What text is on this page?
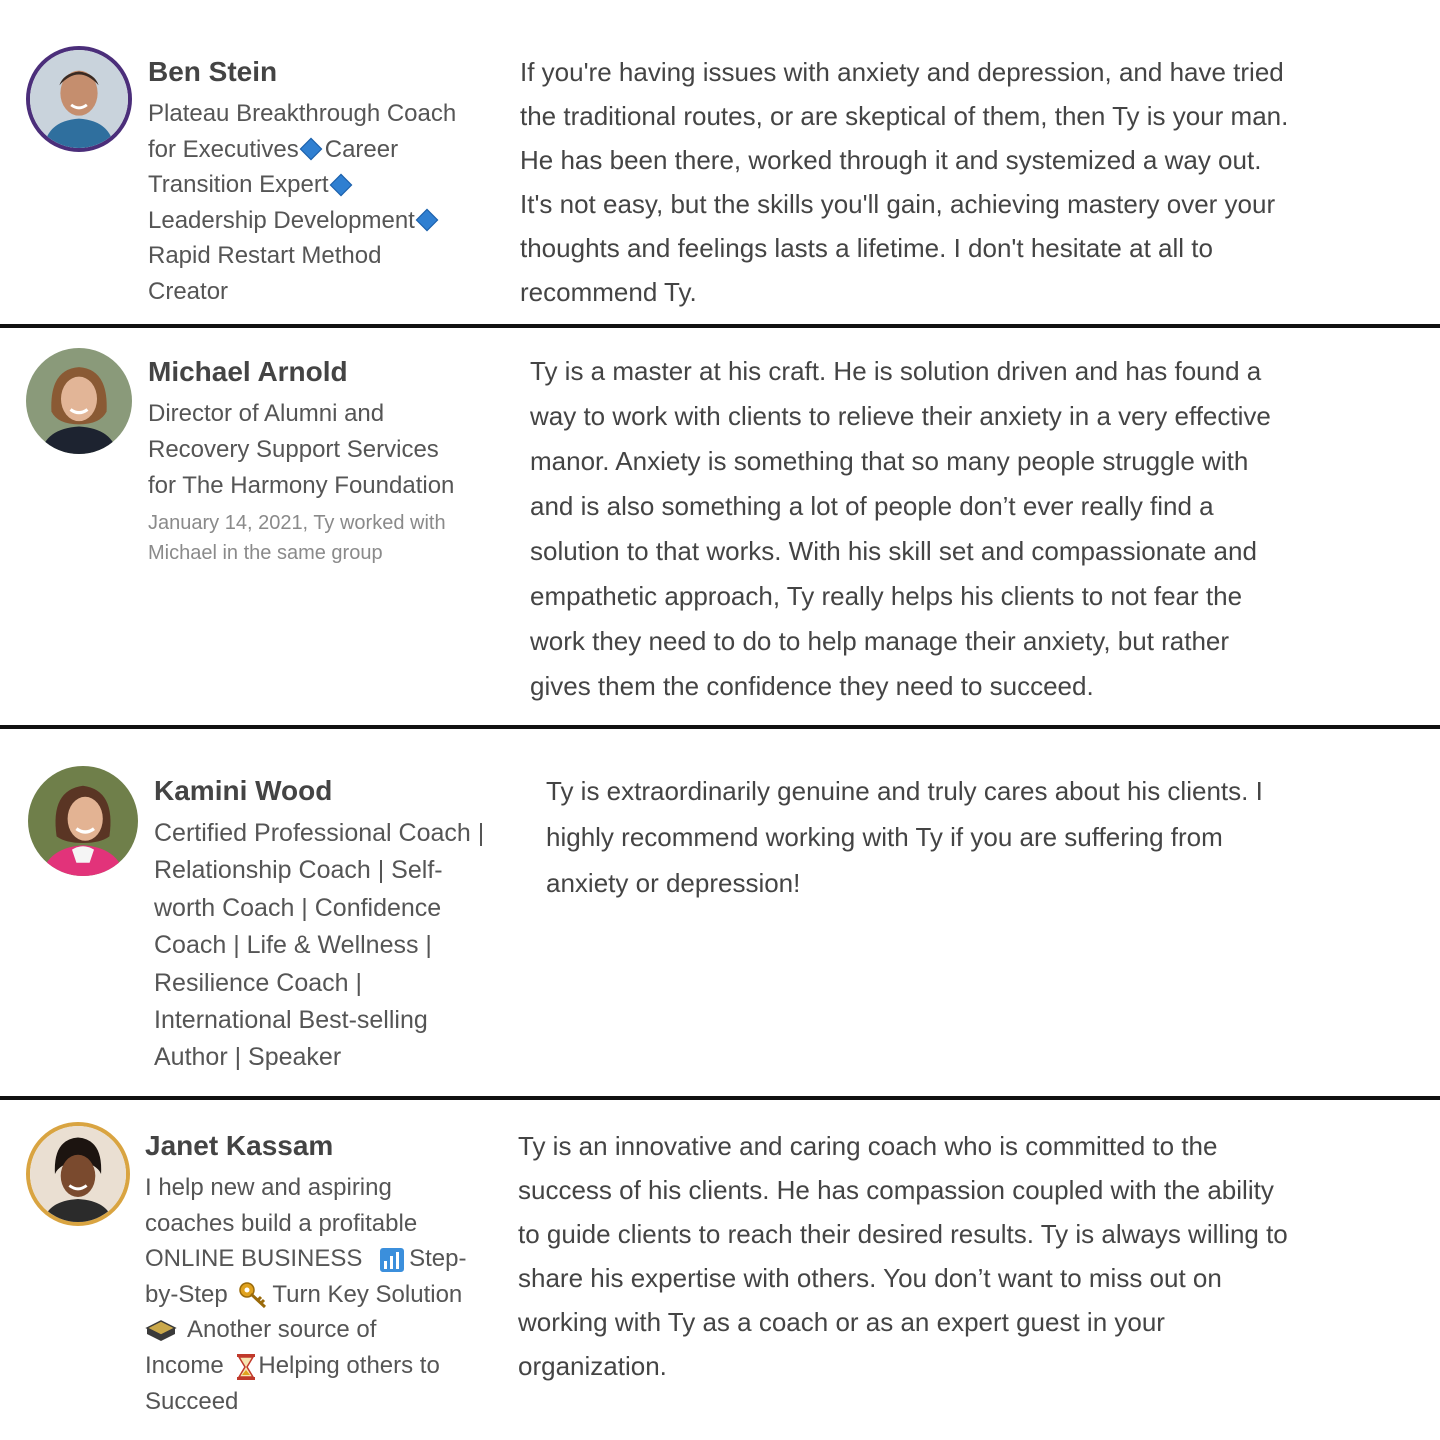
Ben Stein
Plateau Breakthrough Coach
for Executives Career
Transition Expert
Leadership Development
Rapid Restart Method
Creator
If you're having issues with anxiety and depression, and have tried
the traditional routes, or are skeptical of them, then Ty is your man.
He has been there, worked through it and systemized a way out.
It's not easy, but the skills you'll gain, achieving mastery over your
thoughts and feelings lasts a lifetime. I don't hesitate at all to
recommend Ty.
Michael Arnold
Director of Alumni and
Recovery Support Services
for The Harmony Foundation
January 14, 2021, Ty worked with
Michael in the same group
Ty is a master at his craft. He is solution driven and has found a
way to work with clients to relieve their anxiety in a very effective
manor. Anxiety is something that so many people struggle with
and is also something a lot of people don’t ever really find a
solution to that works. With his skill set and compassionate and
empathetic approach, Ty really helps his clients to not fear the
work they need to do to help manage their anxiety, but rather
gives them the confidence they need to succeed.
Kamini Wood
Certified Professional Coach |
Relationship Coach | Self-
worth Coach | Confidence
Coach | Life & Wellness |
Resilience Coach |
International Best-selling
Author | Speaker
Ty is extraordinarily genuine and truly cares about his clients. I
highly recommend working with Ty if you are suffering from
anxiety or depression!
Janet Kassam
I help new and aspiring
coaches build a profitable
ONLINE BUSINESS Step-
by-Step Turn Key Solution
Another source of
Income Helping others to
Succeed
Ty is an innovative and caring coach who is committed to the
success of his clients. He has compassion coupled with the ability
to guide clients to reach their desired results. Ty is always willing to
share his expertise with others. You don’t want to miss out on
working with Ty as a coach or as an expert guest in your
organization.
